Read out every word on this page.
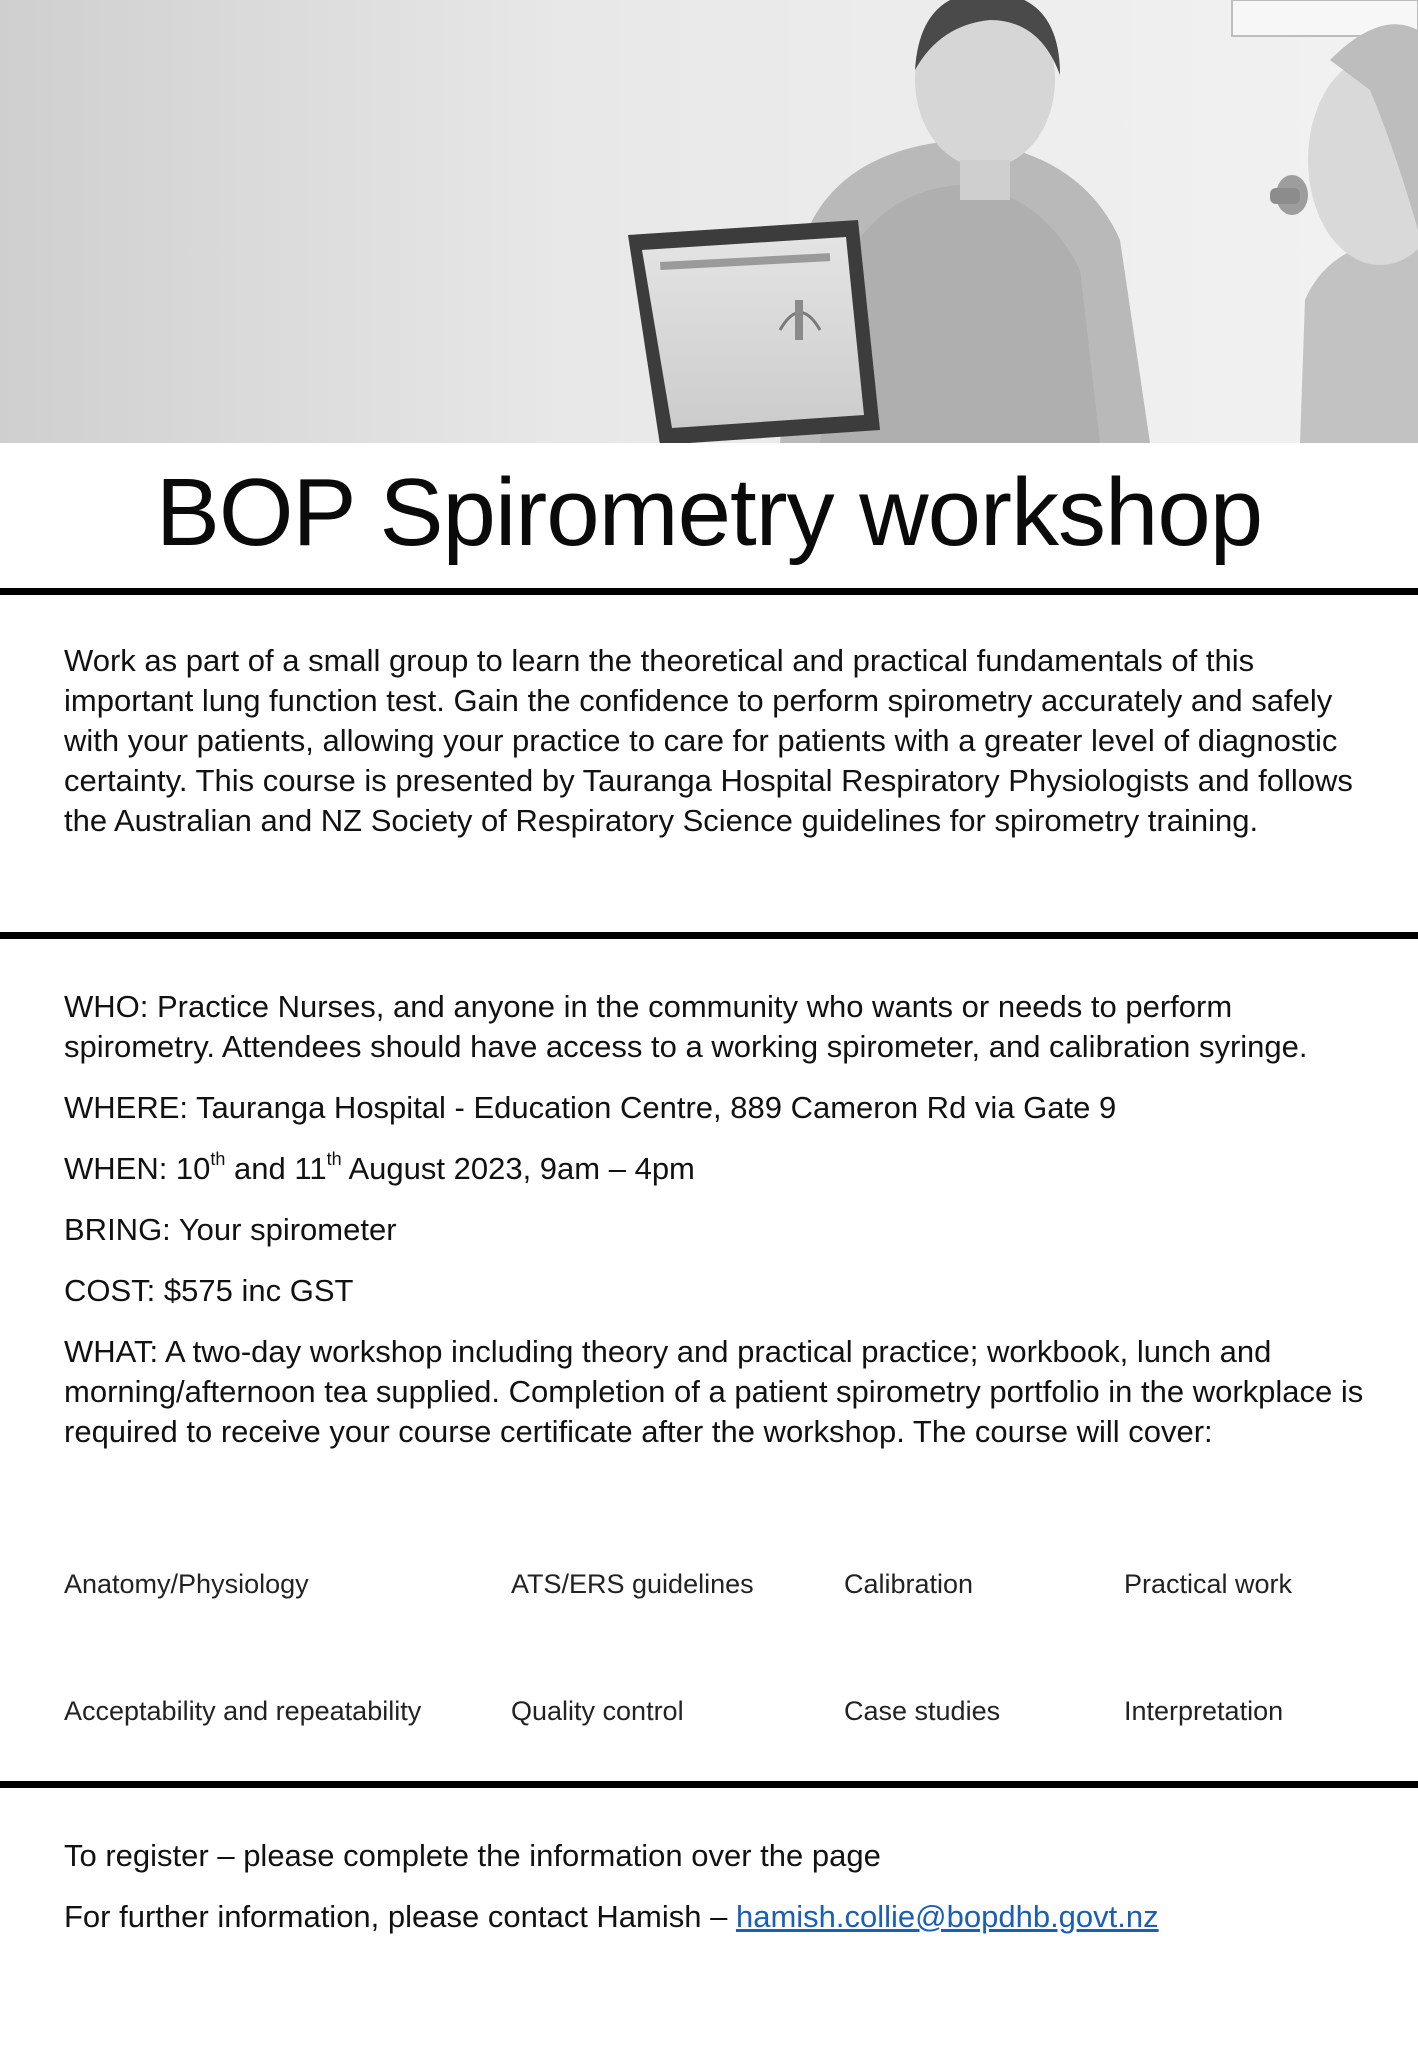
BOP Spirometry workshop

Work as part of a small group to learn the theoretical and practical fundamentals of this important lung function test. Gain the confidence to perform spirometry accurately and safely with your patients, allowing your practice to care for patients with a greater level of diagnostic certainty. This course is presented by Tauranga Hospital Respiratory Physiologists and follows the Australian and NZ Society of Respiratory Science guidelines for spirometry training.

WHO: Practice Nurses, and anyone in the community who wants or needs to perform spirometry. Attendees should have access to a working spirometer, and calibration syringe.

WHERE: Tauranga Hospital - Education Centre, 889 Cameron Rd via Gate 9

WHEN: 10th and 11th August 2023, 9am – 4pm

BRING: Your spirometer

COST: $575 inc GST

WHAT: A two-day workshop including theory and practical practice; workbook, lunch and morning/afternoon tea supplied. Completion of a patient spirometry portfolio in the workplace is required to receive your course certificate after the workshop. The course will cover:

Anatomy/Physiology	ATS/ERS guidelines	Calibration	Practical work
Acceptability and repeatability	Quality control	Case studies	Interpretation

To register – please complete the information over the page

For further information, please contact Hamish – hamish.collie@bopdhb.govt.nz
